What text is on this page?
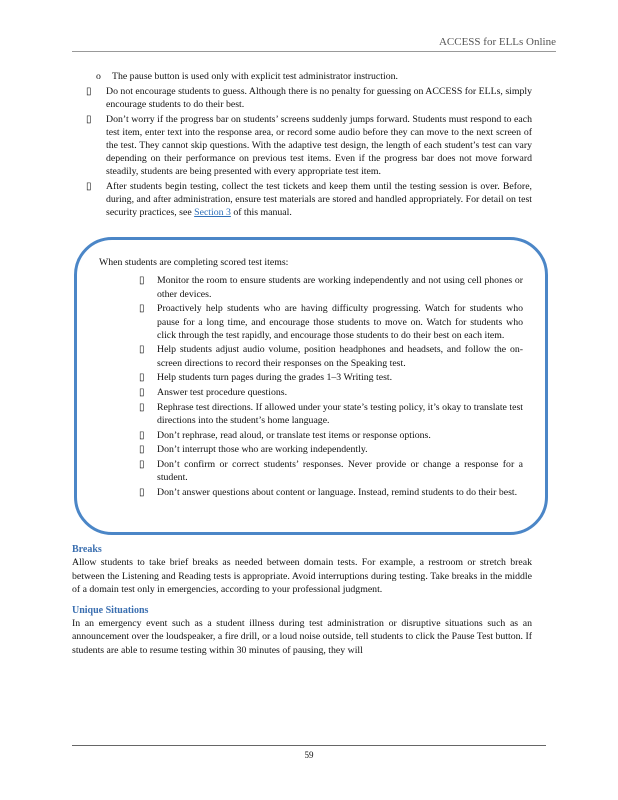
ACCESS for ELLs Online
o The pause button is used only with explicit test administrator instruction.
▯ Do not encourage students to guess. Although there is no penalty for guessing on ACCESS for ELLs, simply encourage students to do their best.
▯ Don’t worry if the progress bar on students’ screens suddenly jumps forward. Students must respond to each test item, enter text into the response area, or record some audio before they can move to the next screen of the test. They cannot skip questions. With the adaptive test design, the length of each student’s test can vary depending on their performance on previous test items. Even if the progress bar does not move forward steadily, students are being presented with every appropriate test item.
▯ After students begin testing, collect the test tickets and keep them until the testing session is over. Before, during, and after administration, ensure test materials are stored and handled appropriately. For detail on test security practices, see Section 3 of this manual.
When students are completing scored test items:
▯ Monitor the room to ensure students are working independently and not using cell phones or other devices.
▯ Proactively help students who are having difficulty progressing. Watch for students who pause for a long time, and encourage those students to move on. Watch for students who click through the test rapidly, and encourage those students to do their best on each item.
▯ Help students adjust audio volume, position headphones and headsets, and follow the on-screen directions to record their responses on the Speaking test.
▯ Help students turn pages during the grades 1–3 Writing test.
▯ Answer test procedure questions.
▯ Rephrase test directions. If allowed under your state’s testing policy, it’s okay to translate test directions into the student’s home language.
▯ Don’t rephrase, read aloud, or translate test items or response options.
▯ Don’t interrupt those who are working independently.
▯ Don’t confirm or correct students’ responses. Never provide or change a response for a student.
▯ Don’t answer questions about content or language. Instead, remind students to do their best.
Breaks
Allow students to take brief breaks as needed between domain tests. For example, a restroom or stretch break between the Listening and Reading tests is appropriate. Avoid interruptions during testing. Take breaks in the middle of a domain test only in emergencies, according to your professional judgment.
Unique Situations
In an emergency event such as a student illness during test administration or disruptive situations such as an announcement over the loudspeaker, a fire drill, or a loud noise outside, tell students to click the Pause Test button. If students are able to resume testing within 30 minutes of pausing, they will
59
